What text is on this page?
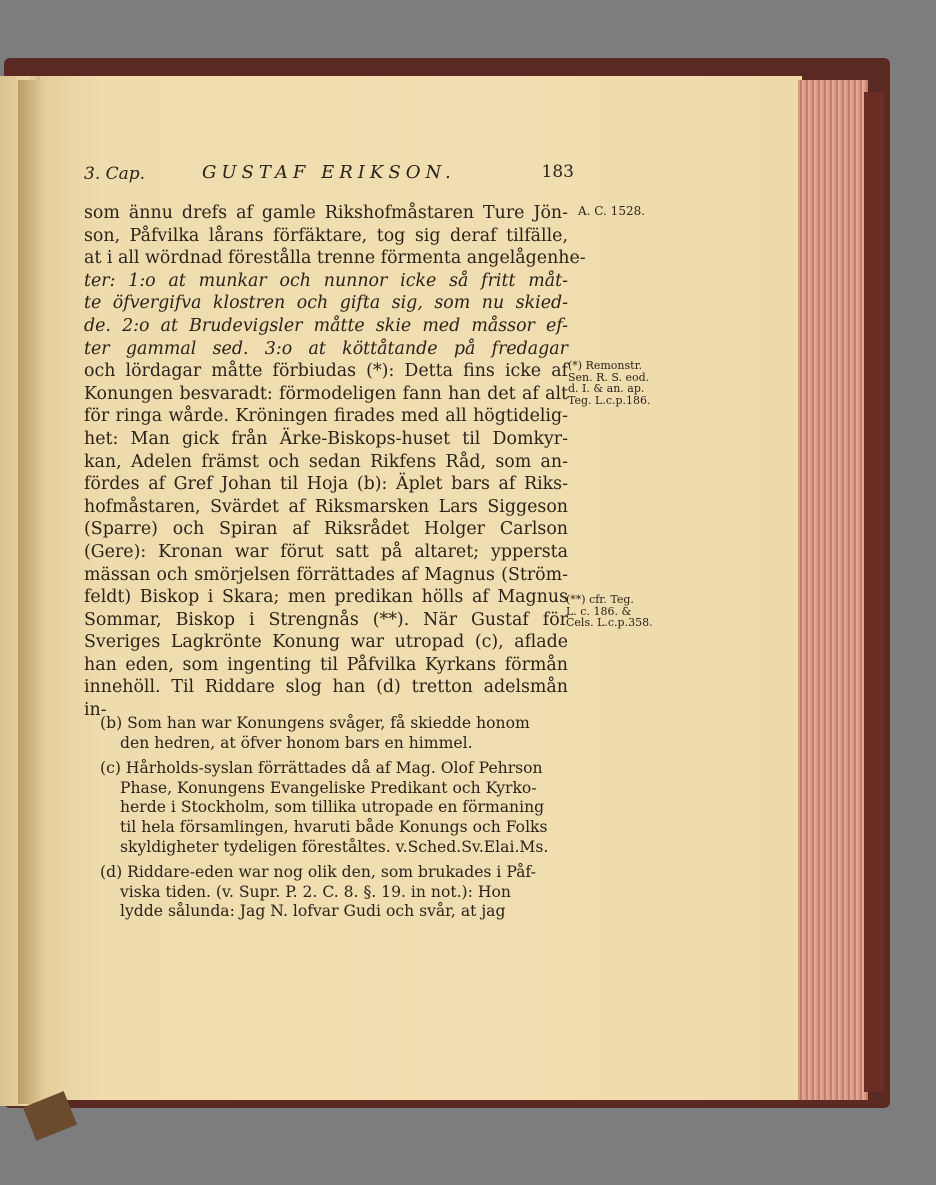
3. Cap.	GUSTAF ERIKSON.	183
som ännu drefs af gamle Rikshofmåstaren Ture Jön-
son, Påfvilka lårans förfäktare, tog sig deraf tilfälle,
at i all wördnad förestålla trenne förmenta angelågenhe-
ter: 1:o at munkar och nunnor icke så fritt måt-
te öfvergifva klostren och gifta sig, som nu skied-
de. 2:o at Brudevigsler måtte skie med måssor ef-
ter gammal sed. 3:o at köttåtande på fredagar
och lördagar måtte förbiudas (*): Detta fins icke af
Konungen besvaradt: förmodeligen fann han det af alt
för ringa wårde. Kröningen firades med all högtidelig-
het: Man gick från Ärke-Biskops-huset til Domkyr-
kan, Adelen främst och sedan Rikfens Råd, som an-
fördes af Gref Johan til Hoja (b): Äplet bars af Riks-
hofmåstaren, Svärdet af Riksmarsken Lars Siggeson
(Sparre) och Spiran af Riksrådet Holger Carlson
(Gere): Kronan war förut satt på altaret; ypperstа
mässan och smörjelsen förrättades af Magnus (Ström-
feldt) Biskop i Skara; men predikan hölls af Magnus
Sommar, Biskop i Strengnås (**). När Gustaf för
Sveriges Lagkrönte Konung war utropad (c), aflade
han eden, som ingenting til Påfvilka Kyrkans förmån
innehöll. Til Riddare slog han (d) tretton adelsmån
in-
A. C. 1528.
(*) Remonstr.
Sen. R. S. eod.
d. I. & an. ap.
Teg. L.c.p.186.
(**) cfr. Teg.
L. c. 186. &
Cels. L.c.p.358.
(b) Som han war Konungens svåger, få skiedde honom
den hedren, at öfver honom bars en himmel.
(c) Hårholds-syslan förrättades då af Mag. Olof Pehrson
Phase, Konungens Evangeliske Predikant och Kyrko-
herde i Stockholm, som tillika utropade en förmaning
til hela församlingen, hvaruti både Konungs och Folks
skyldigheter tydeligen föreståltes. v.Sched.Sv.Elai.Ms.
(d) Riddare-eden war nog olik den, som brukades i Påf-
viska tiden. (v. Supr. P. 2. C. 8. §. 19. in not.): Hon
lydde sålunda: Jag N. lofvar Gudi och svår, at jag
